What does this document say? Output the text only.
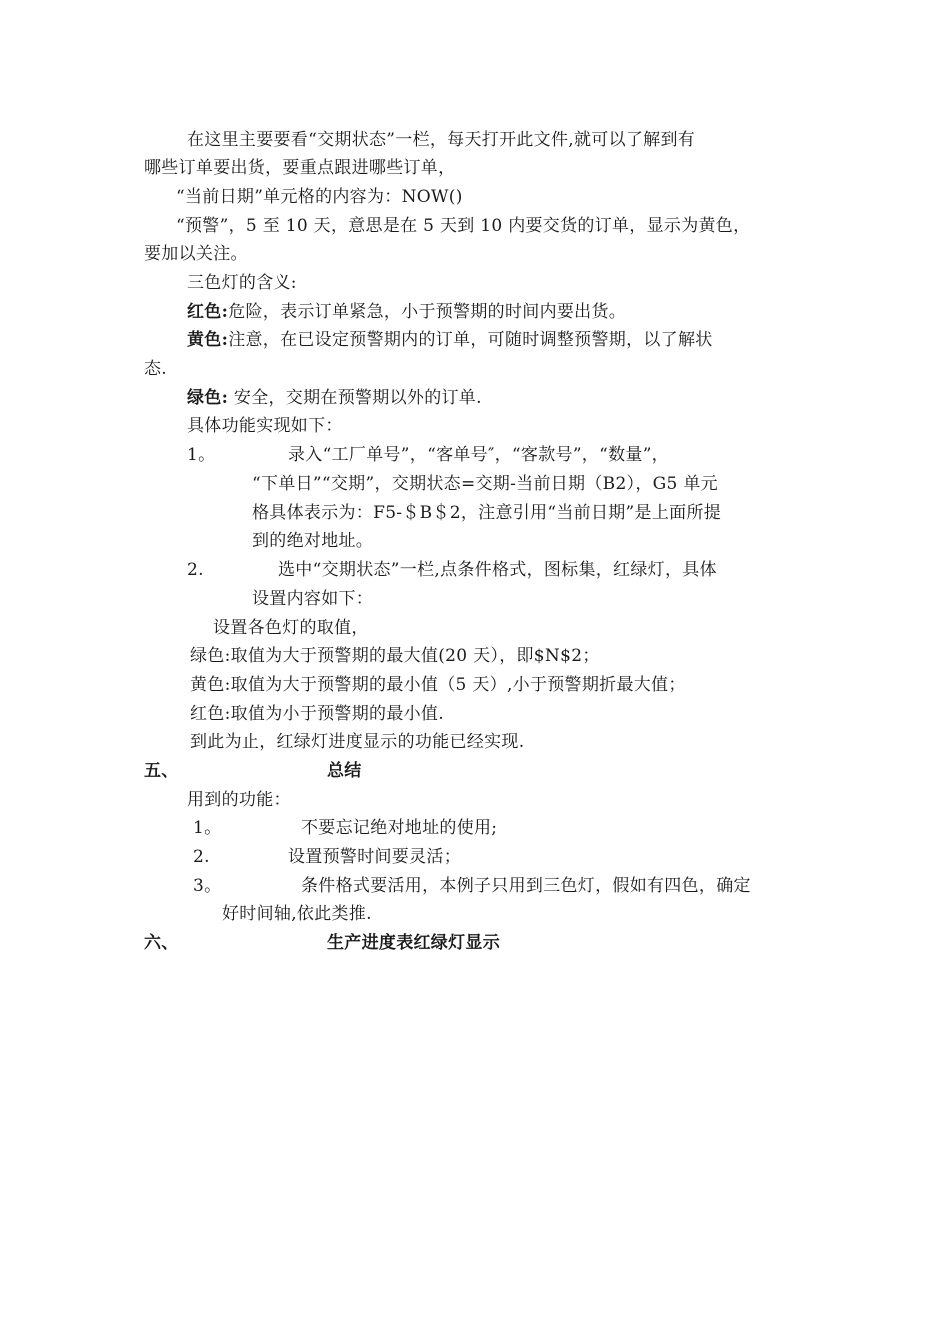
在这里主要要看“交期状态”一栏，每天打开此文件,就可以了解到有
哪些订单要出货，要重点跟进哪些订单，
“当前日期”单元格的内容为：NOW()
“预警”，5 至 10 天，意思是在 5 天到 10 内要交货的订单，显示为黄色，
要加以关注。
三色灯的含义:
红色:危险，表示订单紧急，小于预警期的时间内要出货。
黄色:注意，在已设定预警期内的订单，可随时调整预警期，以了解状
态.
绿色: 安全，交期在预警期以外的订单.
具体功能实现如下：
1。	录入“工厂单号”，“客单号″，“客款号”，“数量”，
“下单日”“交期”，交期状态=交期-当前日期（B2），G5 单元
格具体表示为：F5-＄B＄2，注意引用“当前日期”是上面所提
到的绝对地址。
2.	选中“交期状态”一栏,点条件格式，图标集，红绿灯，具体
设置内容如下：
设置各色灯的取值，
绿色:取值为大于预警期的最大值(20 天），即$N$2；
黄色:取值为大于预警期的最小值（5 天）,小于预警期折最大值；
红色:取值为小于预警期的最小值.
到此为止，红绿灯进度显示的功能已经实现.
五、	总结
用到的功能：
1。	不要忘记绝对地址的使用;
2.	设置预警时间要灵活；
3。	条件格式要活用，本例子只用到三色灯，假如有四色，确定
好时间轴,依此类推.
六、	生产进度表红绿灯显示
